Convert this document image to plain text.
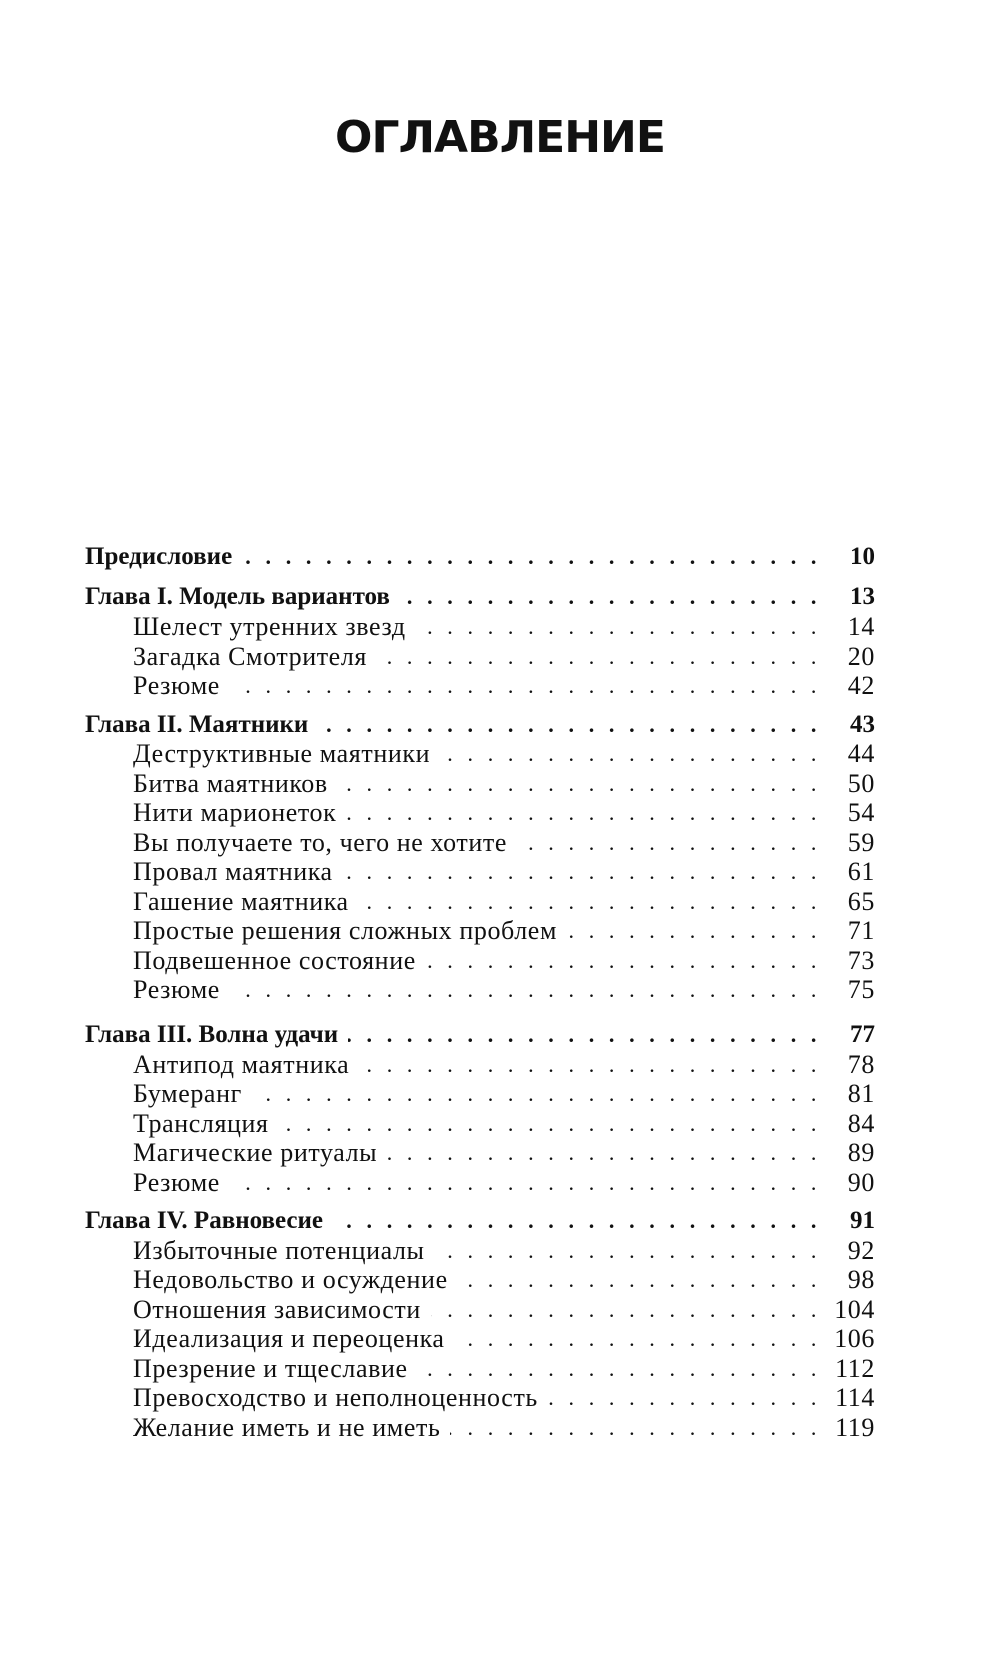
ОГЛАВЛЕНИЕ
Предисловие . . .	10
Глава I. Модель вариантов . . .	13
Шелест утренних звезд . . .	14
Загадка Смотрителя . . .	20
Резюме . . .	42
Глава II. Маятники . . .	43
Деструктивные маятники . . .	44
Битва маятников . . .	50
Нити марионеток . . .	54
Вы получаете то, чего не хотите . . .	59
Провал маятника . . .	61
Гашение маятника . . .	65
Простые решения сложных проблем . . .	71
Подвешенное состояние . . .	73
Резюме . . .	75
Глава III. Волна удачи . . .	77
Антипод маятника . . .	78
Бумеранг . . .	81
Трансляция . . .	84
Магические ритуалы . . .	89
Резюме . . .	90
Глава IV. Равновесие . . .	91
Избыточные потенциалы . . .	92
Недовольство и осуждение . . .	98
Отношения зависимости . . .	104
Идеализация и переоценка . . .	106
Презрение и тщеславие . . .	112
Превосходство и неполноценность . . .	114
Желание иметь и не иметь . . .	119
